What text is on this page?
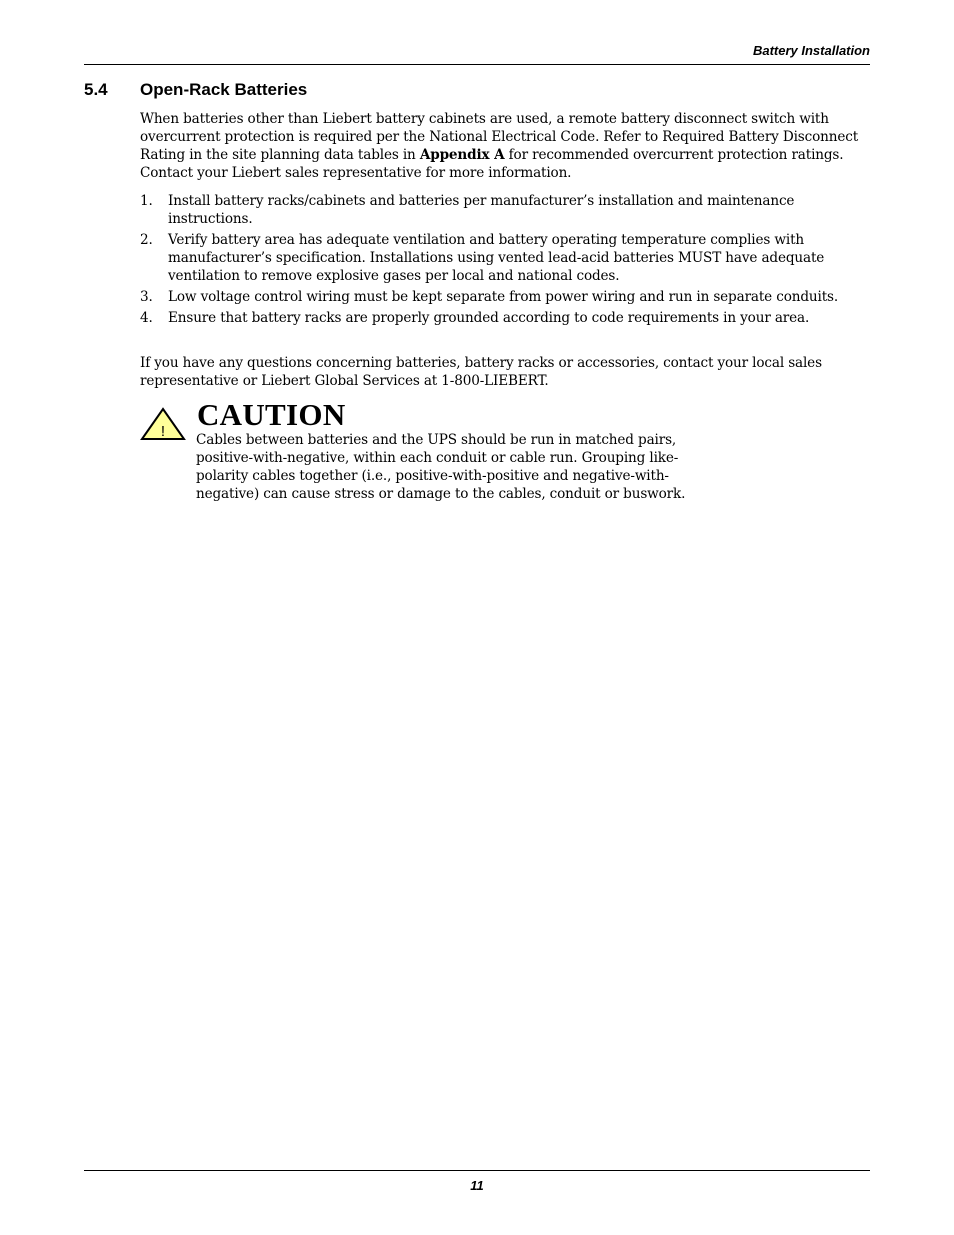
Battery Installation
5.4 Open-Rack Batteries

When batteries other than Liebert battery cabinets are used, a remote battery disconnect switch with overcurrent protection is required per the National Electrical Code. Refer to Required Battery Disconnect Rating in the site planning data tables in Appendix A for recommended overcurrent protection ratings. Contact your Liebert sales representative for more information.

1. Install battery racks/cabinets and batteries per manufacturer’s installation and maintenance instructions.
2. Verify battery area has adequate ventilation and battery operating temperature complies with manufacturer’s specification. Installations using vented lead-acid batteries MUST have adequate ventilation to remove explosive gases per local and national codes.
3. Low voltage control wiring must be kept separate from power wiring and run in separate conduits.
4. Ensure that battery racks are properly grounded according to code requirements in your area.

If you have any questions concerning batteries, battery racks or accessories, contact your local sales representative or Liebert Global Services at 1-800-LIEBERT.

! CAUTION

Cables between batteries and the UPS should be run in matched pairs, positive-with-negative, within each conduit or cable run. Grouping like-polarity cables together (i.e., positive-with-positive and negative-with-negative) can cause stress or damage to the cables, conduit or buswork.

11
